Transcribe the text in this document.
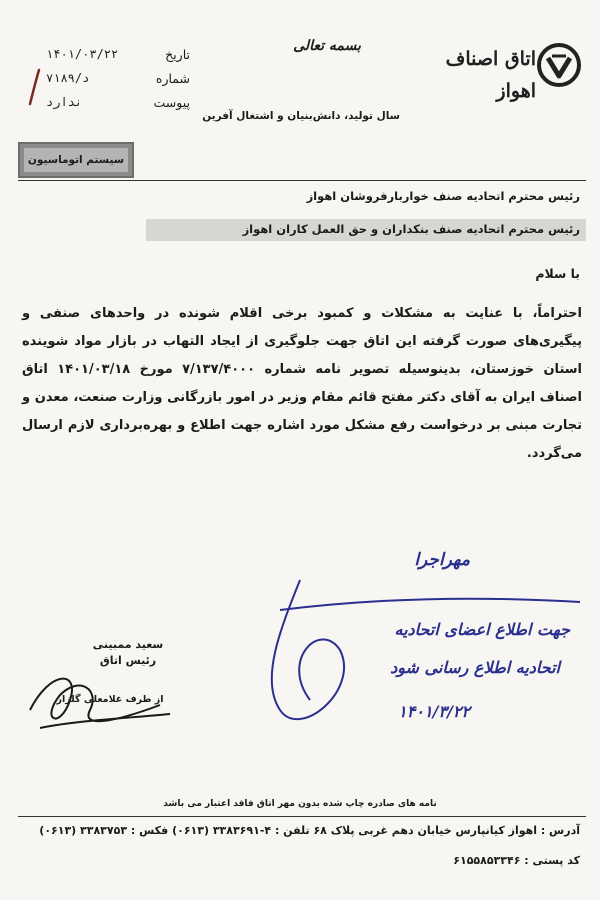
اتاق اصناف
اهواز
بسمه تعالی
سال تولید، دانش‌بنیان و اشتغال آفرین
تاریخ
۱۴۰۱/۰۳/۲۲
شماره
۷۱۸۹/د
پیوست
ندارد
سیستم اتوماسیون
رئیس محترم اتحادیه صنف خواربارفروشان اهواز
رئیس محترم اتحادیه صنف بنکداران و حق العمل کاران اهواز
با سلام
احتراماً، با عنایت به مشکلات و کمبود برخی اقلام شونده در واحدهای صنفی و پیگیری‌های صورت گرفته این اتاق جهت جلوگیری از ایجاد التهاب در بازار مواد شوینده استان خوزستان، بدینوسیله تصویر نامه شماره ۷/۱۳۷/۴۰۰۰ مورخ ۱۴۰۱/۰۳/۱۸ اتاق اصناف ایران به آقای دکتر مفتح قائم مقام وزیر در امور بازرگانی وزارت صنعت، معدن و تجارت مبنی بر درخواست رفع مشکل مورد اشاره جهت اطلاع و بهره‌برداری لازم ارسال می‌گردد.
مهراجرا
جهت اطلاع اعضای اتحادیه
اتحادیه اطلاع رسانی شود
۱۴۰۱/۳/۲۲
سعید ممبینی
رئیس اتاق
از طرف غلامعلی گلزار
نامه های صادره چاپ شده بدون مهر اتاق فاقد اعتبار می باشد
آدرس : اهواز کیانپارس خیابان دهم غربی پلاک ۶۸ تلفن : ۴-۳۳۸۳۶۹۱ (۰۶۱۳) فکس : ۳۳۸۳۷۵۳ (۰۶۱۳)
کد پستی : ۶۱۵۵۸۵۳۳۴۶
